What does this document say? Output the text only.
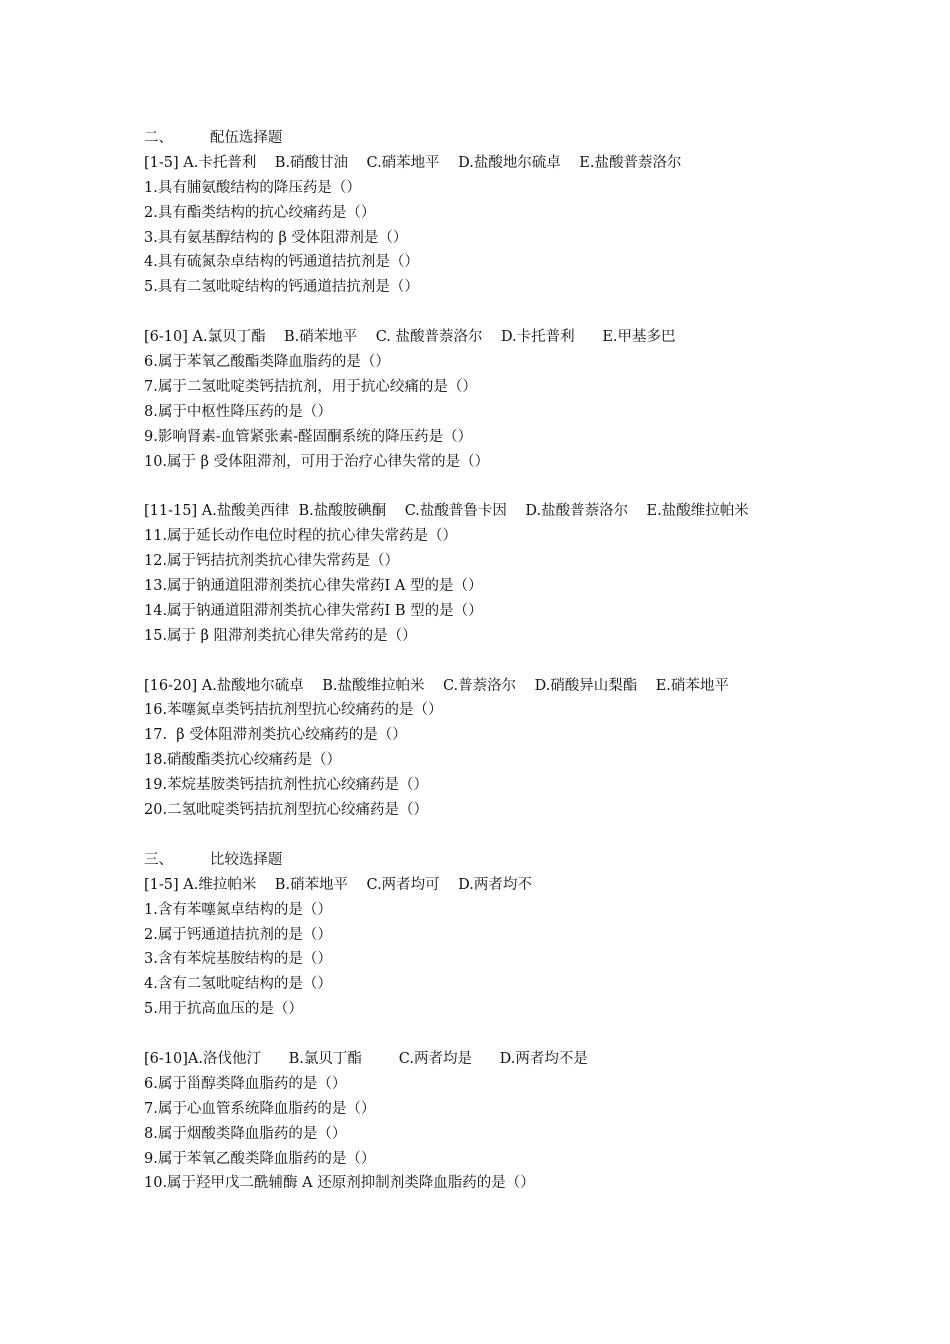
二、        配伍选择题
[1-5] A.卡托普利    B.硝酸甘油    C.硝苯地平    D.盐酸地尔硫卓    E.盐酸普萘洛尔
1.具有脯氨酸结构的降压药是（）
2.具有酯类结构的抗心绞痛药是（）
3.具有氨基醇结构的 β 受体阻滞剂是（）
4.具有硫氮杂卓结构的钙通道拮抗剂是（）
5.具有二氢吡啶结构的钙通道拮抗剂是（）
[6-10] A.氯贝丁酯    B.硝苯地平    C. 盐酸普萘洛尔    D.卡托普利      E.甲基多巴
6.属于苯氧乙酸酯类降血脂药的是（）
7.属于二氢吡啶类钙拮抗剂，用于抗心绞痛的是（）
8.属于中枢性降压药的是（）
9.影响肾素-血管紧张素-醛固酮系统的降压药是（）
10.属于 β 受体阻滞剂，可用于治疗心律失常的是（）
[11-15] A.盐酸美西律  B.盐酸胺碘酮    C.盐酸普鲁卡因    D.盐酸普萘洛尔    E.盐酸维拉帕米
11.属于延长动作电位时程的抗心律失常药是（）
12.属于钙拮抗剂类抗心律失常药是（）
13.属于钠通道阻滞剂类抗心律失常药Ⅰ A 型的是（）
14.属于钠通道阻滞剂类抗心律失常药Ⅰ B 型的是（）
15.属于 β 阻滞剂类抗心律失常药的是（）
[16-20] A.盐酸地尔硫卓    B.盐酸维拉帕米    C.普萘洛尔    D.硝酸异山梨酯    E.硝苯地平
16.苯噻氮卓类钙拮抗剂型抗心绞痛药的是（）
17.  β 受体阻滞剂类抗心绞痛药的是（）
18.硝酸酯类抗心绞痛药是（）
19.苯烷基胺类钙拮抗剂性抗心绞痛药是（）
20.二氢吡啶类钙拮抗剂型抗心绞痛药是（）
三、        比较选择题
[1-5] A.维拉帕米    B.硝苯地平    C.两者均可    D.两者均不
1.含有苯噻氮卓结构的是（）
2.属于钙通道拮抗剂的是（）
3.含有苯烷基胺结构的是（）
4.含有二氢吡啶结构的是（）
5.用于抗高血压的是（）
[6-10]A.洛伐他汀      B.氯贝丁酯        C.两者均是      D.两者均不是
6.属于甾醇类降血脂药的是（）
7.属于心血管系统降血脂药的是（）
8.属于烟酸类降血脂药的是（）
9.属于苯氧乙酸类降血脂药的是（）
10.属于羟甲戊二酰辅酶 A 还原剂抑制剂类降血脂药的是（）
